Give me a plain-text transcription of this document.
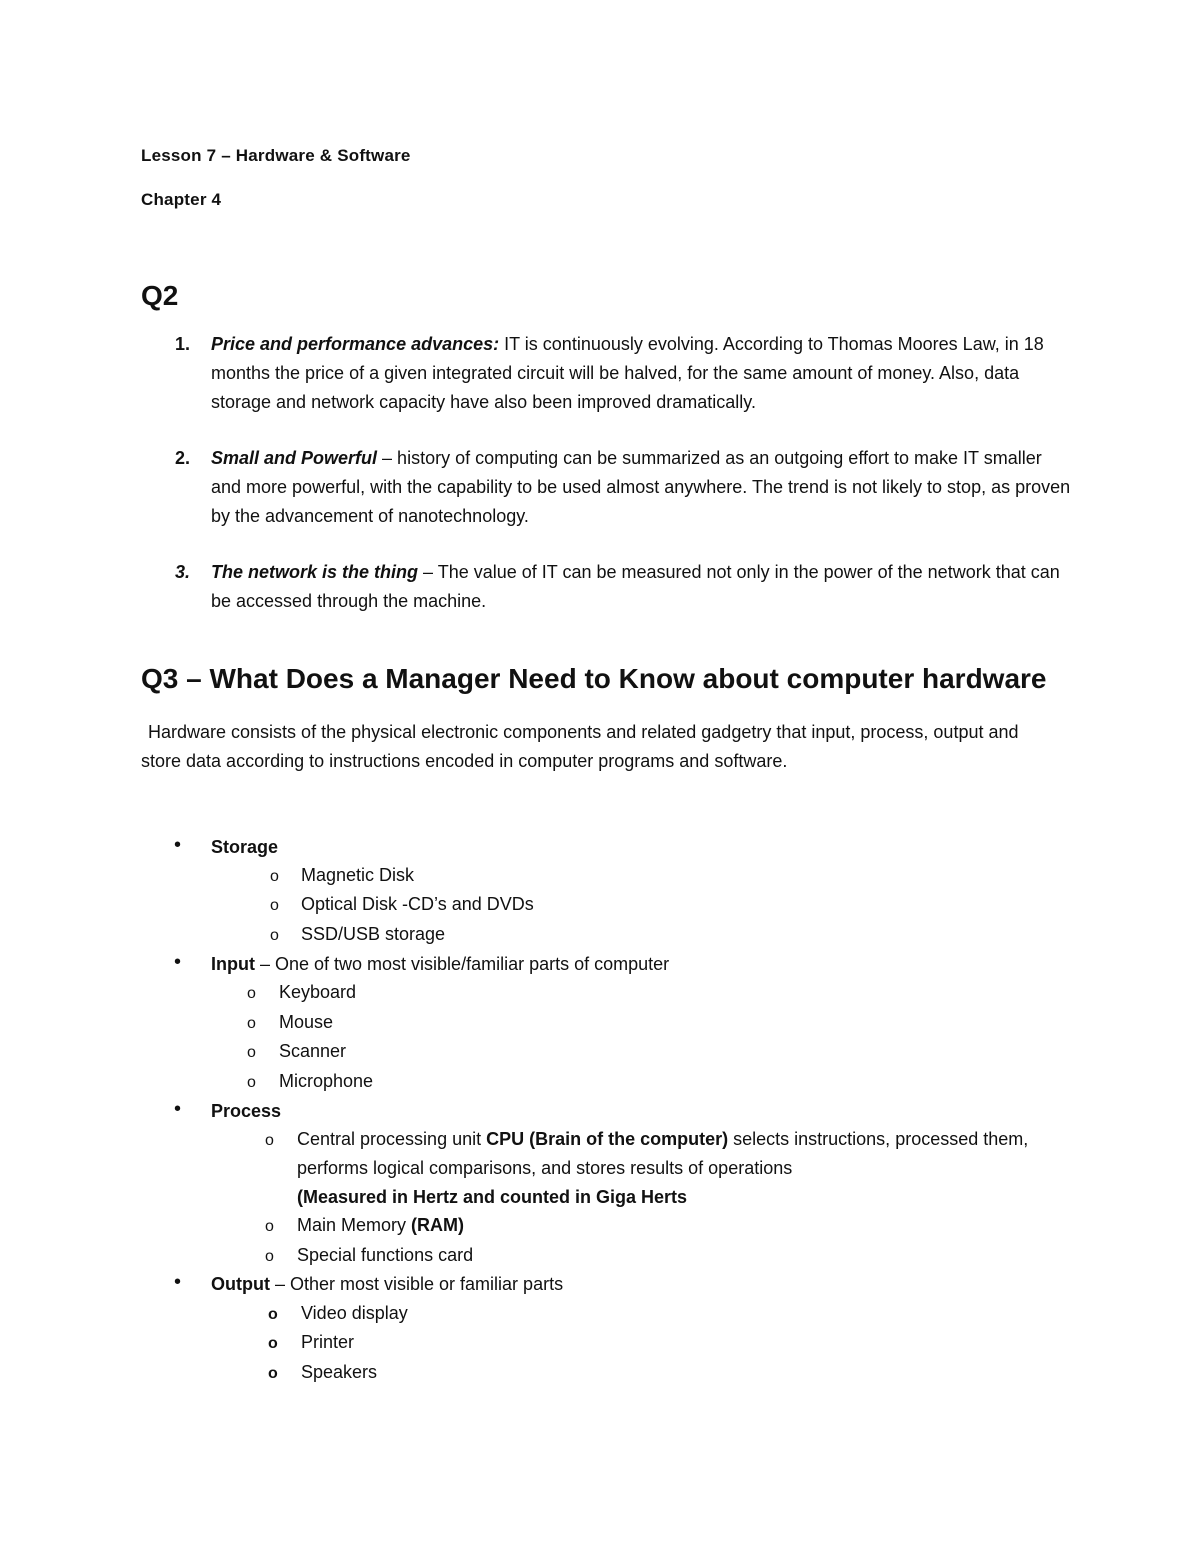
Lesson 7 – Hardware & Software
Chapter 4
Q2
1. Price and performance advances: IT is continuously evolving. According to Thomas Moores Law, in 18 months the price of a given integrated circuit will be halved, for the same amount of money. Also, data storage and network capacity have also been improved dramatically.
2. Small and Powerful – history of computing can be summarized as an outgoing effort to make IT smaller and more powerful, with the capability to be used almost anywhere. The trend is not likely to stop, as proven by the advancement of nanotechnology.
3. The network is the thing – The value of IT can be measured not only in the power of the network that can be accessed through the machine.
Q3 – What Does a Manager Need to Know about computer hardware
Hardware consists of the physical electronic components and related gadgetry that input, process, output and store data according to instructions encoded in computer programs and software.
• Storage
o Magnetic Disk
o Optical Disk -CD’s and DVDs
o SSD/USB storage
• Input – One of two most visible/familiar parts of computer
o Keyboard
o Mouse
o Scanner
o Microphone
• Process
o Central processing unit CPU (Brain of the computer) selects instructions, processed them, performs logical comparisons, and stores results of operations
(Measured in Hertz and counted in Giga Herts
o Main Memory (RAM)
o Special functions card
• Output – Other most visible or familiar parts
o Video display
o Printer
o Speakers
